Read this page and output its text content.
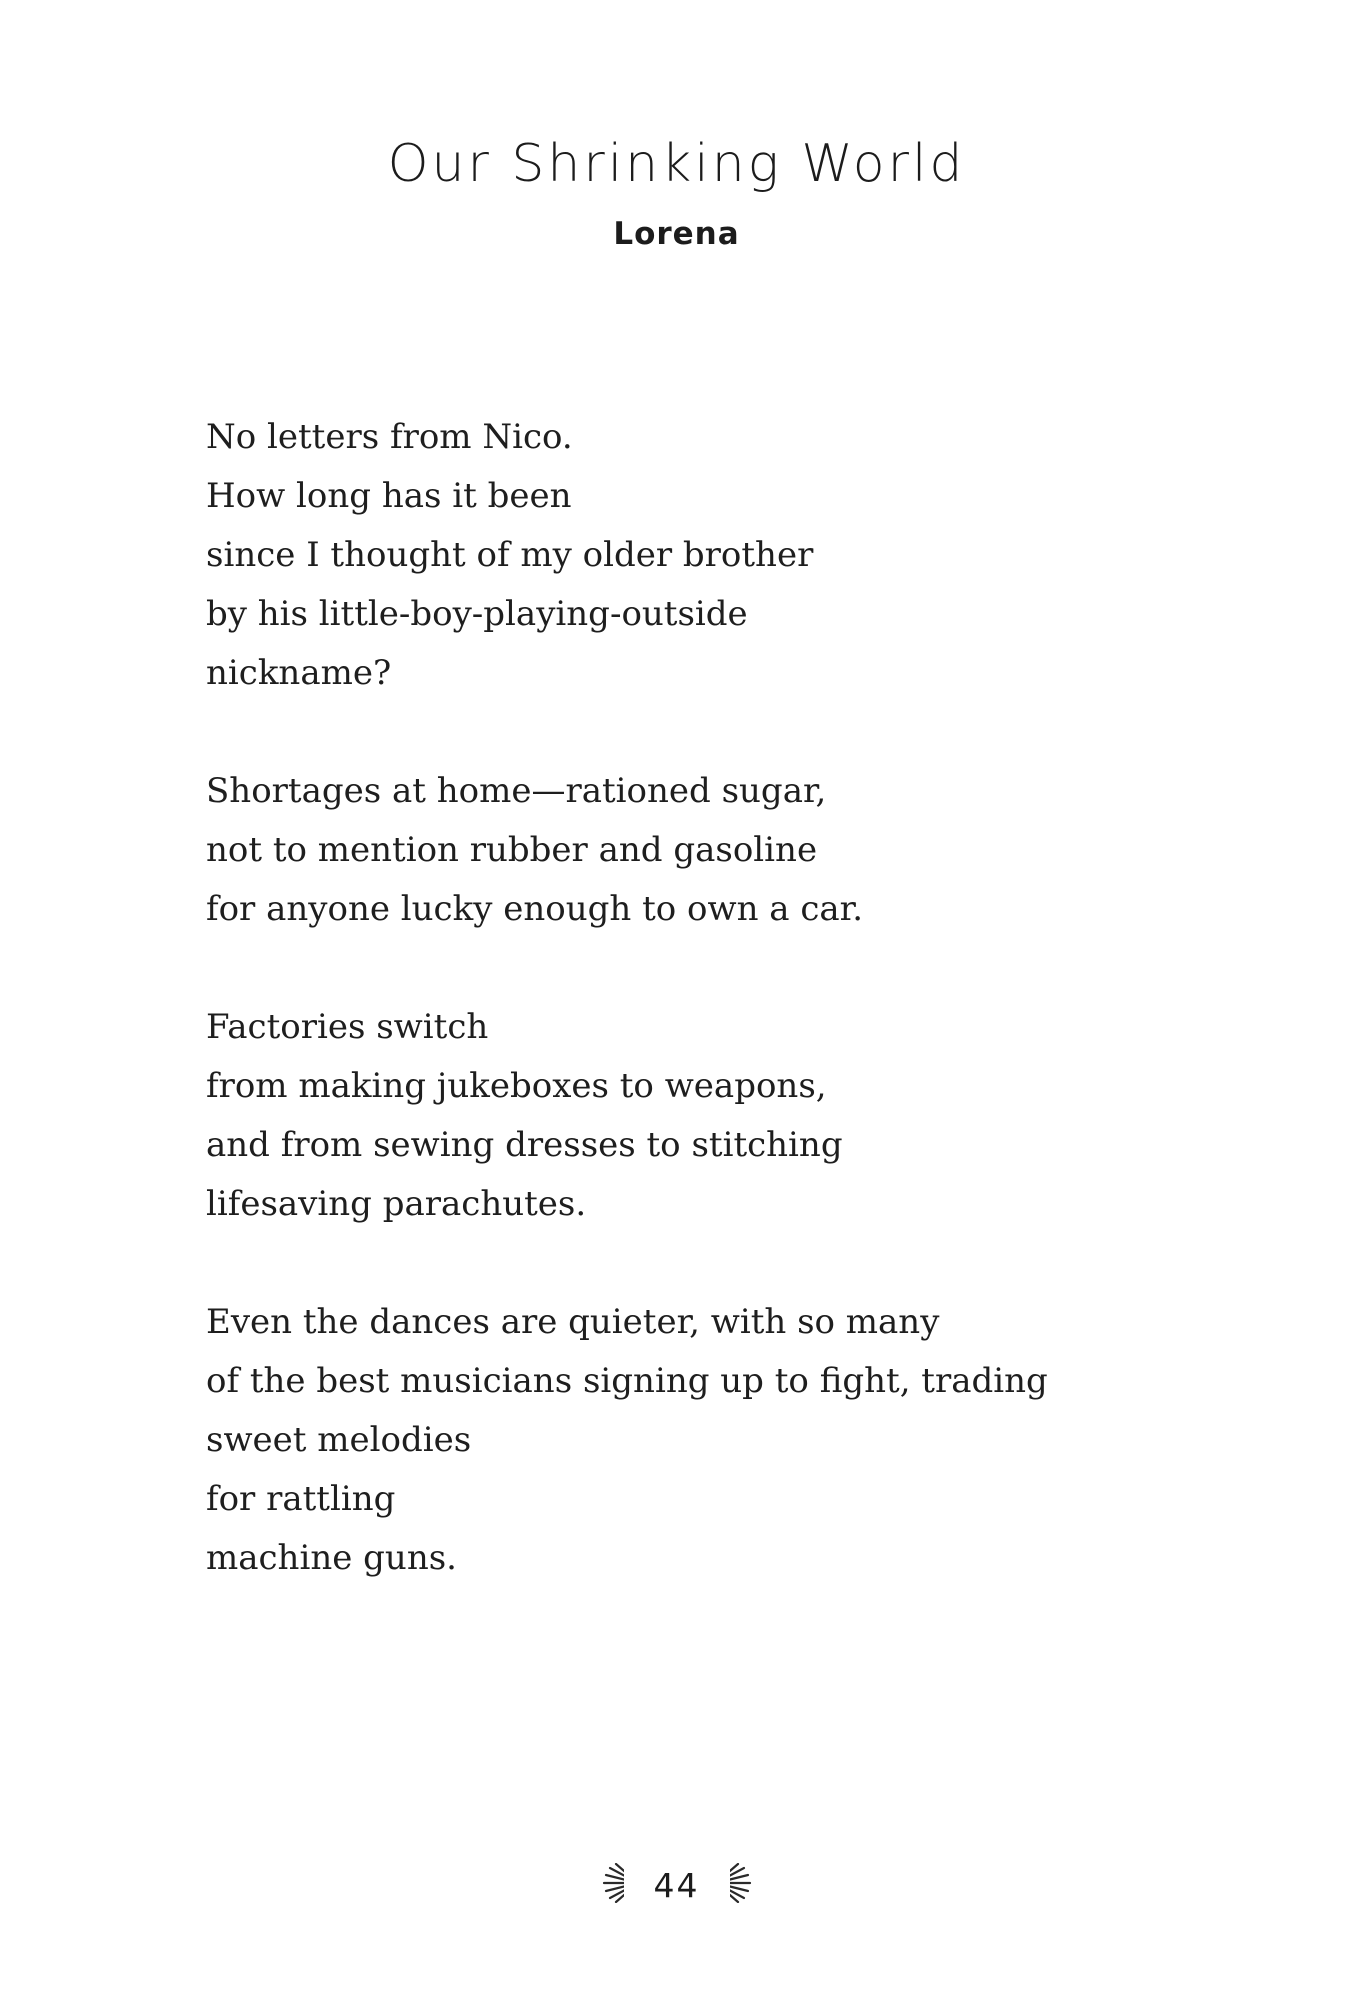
Our Shrinking World
Lorena
No letters from Nico.
How long has it been
since I thought of my older brother
by his little-boy-playing-outside
nickname?
Shortages at home—rationed sugar,
not to mention rubber and gasoline
for anyone lucky enough to own a car.
Factories switch
from making jukeboxes to weapons,
and from sewing dresses to stitching
lifesaving parachutes.
Even the dances are quieter, with so many
of the best musicians signing up to fight, trading
sweet melodies
for rattling
machine guns.
44
